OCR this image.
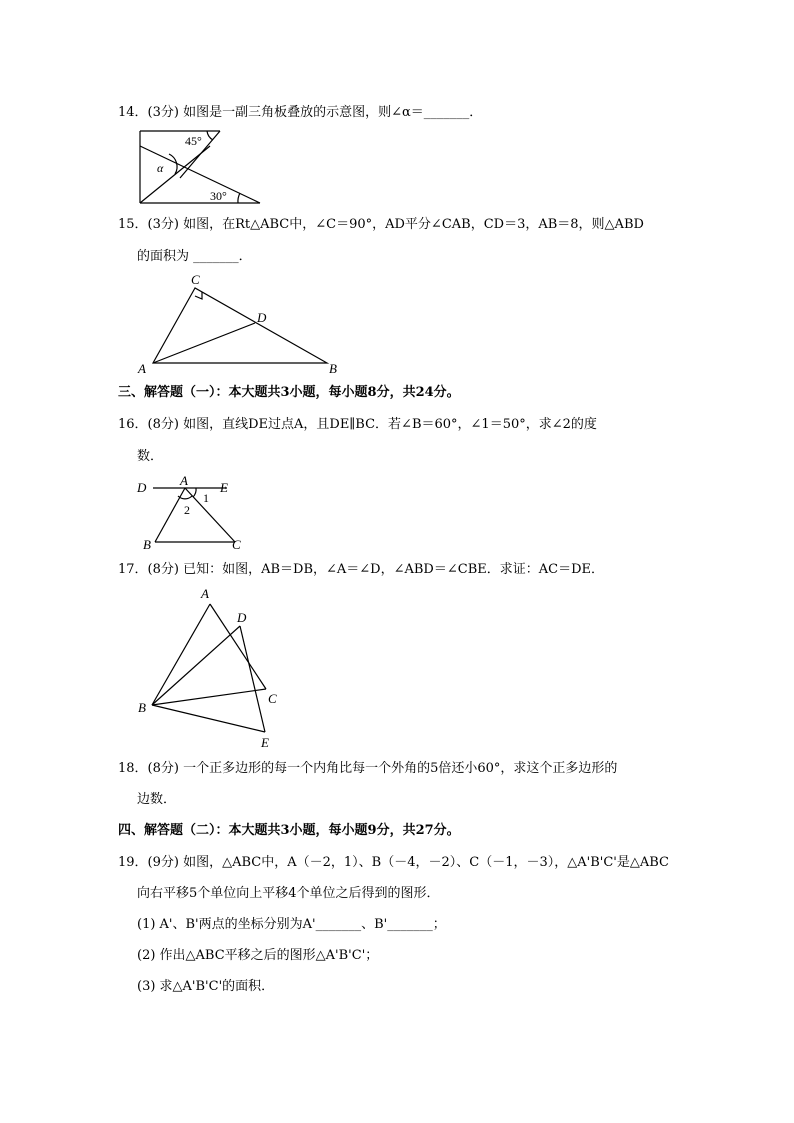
14．(3分) 如图是一副三角板叠放的示意图，则∠α＝_______．
45°
α
30°
15．(3分) 如图，在Rt△ABC中，∠C＝90°，AD平分∠CAB，CD＝3，AB＝8，则△ABD
的面积为 _______．
C
D
A	B
三、解答题（一）：本大题共3小题，每小题8分，共24分。
16．(8分) 如图，直线DE过点A，且DE∥BC．若∠B＝60°，∠1＝50°，求∠2的度
数．
D	A E
1
2
B	C
17．(8分) 已知：如图，AB＝DB，∠A＝∠D，∠ABD＝∠CBE．求证：AC＝DE．
A
D
B
C
E
18．(8分) 一个正多边形的每一个内角比每一个外角的5倍还小60°，求这个正多边形的
边数．
四、解答题（二）：本大题共3小题，每小题9分，共27分。
19．(9分) 如图，△ABC中，A（－2，1）、B（－4，－2）、C（－1，－3），△A'B'C'是△ABC
向右平移5个单位向上平移4个单位之后得到的图形．
(1) A'、B'两点的坐标分别为A'_______、B'_______；
(2) 作出△ABC平移之后的图形△A'B'C'；
(3) 求△A'B'C'的面积．
